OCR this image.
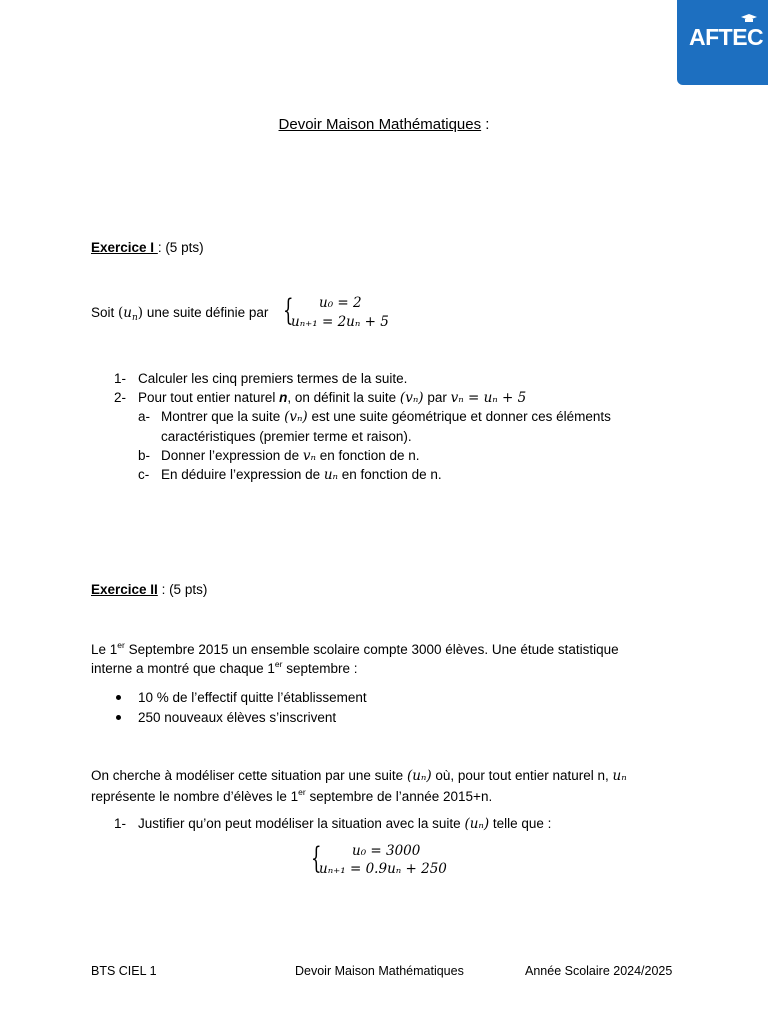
AFTEC
Devoir Maison Mathématiques :
Exercice I : (5 pts)
Soit $(u_n)$ une suite définie par { u₀ = 2
uₙ₊₁ = 2uₙ + 5
1- Calculer les cinq premiers termes de la suite.
2- Pour tout entier naturel n, on définit la suite (vₙ) par vₙ = uₙ + 5
a- Montrer que la suite (vₙ) est une suite géométrique et donner ces éléments
caractéristiques (premier terme et raison).
b- Donner l’expression de vₙ en fonction de n.
c- En déduire l’expression de uₙ en fonction de n.
Exercice II : (5 pts)
Le 1er Septembre 2015 un ensemble scolaire compte 3000 élèves. Une étude statistique
interne a montré que chaque 1er septembre :
10 % de l’effectif quitte l’établissement
250 nouveaux élèves s’inscrivent
On cherche à modéliser cette situation par une suite (uₙ) où, pour tout entier naturel n, uₙ
représente le nombre d’élèves le 1er septembre de l’année 2015+n.
1- Justifier qu’on peut modéliser la situation avec la suite (uₙ) telle que :
{ u₀ = 3000
uₙ₊₁ = 0.9uₙ + 250
BTS CIEL 1	Devoir Maison Mathématiques	Année Scolaire 2024/2025
